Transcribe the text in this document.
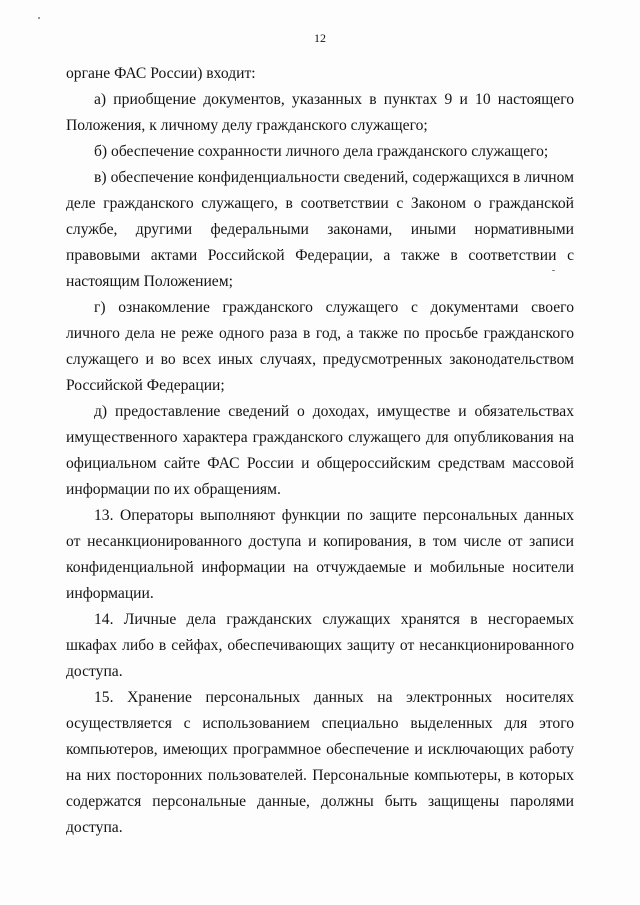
12

органе ФАС России) входит:

а) приобщение документов, указанных в пунктах 9 и 10 настоящего Положения, к личному делу гражданского служащего;

б) обеспечение сохранности личного дела гражданского служащего;

в) обеспечение конфиденциальности сведений, содержащихся в личном деле гражданского служащего, в соответствии с Законом о гражданской службе, другими федеральными законами, иными нормативными правовыми актами Российской Федерации, а также в соответствии с настоящим Положением;

г) ознакомление гражданского служащего с документами своего личного дела не реже одного раза в год, а также по просьбе гражданского служащего и во всех иных случаях, предусмотренных законодательством Российской Федерации;

д) предоставление сведений о доходах, имуществе и обязательствах имущественного характера гражданского служащего для опубликования на официальном сайте ФАС России и общероссийским средствам массовой информации по их обращениям.

13. Операторы выполняют функции по защите персональных данных от несанкционированного доступа и копирования, в том числе от записи конфиденциальной информации на отчуждаемые и мобильные носители информации.

14. Личные дела гражданских служащих хранятся в несгораемых шкафах либо в сейфах, обеспечивающих защиту от несанкционированного доступа.

15. Хранение персональных данных на электронных носителях осуществляется с использованием специально выделенных для этого компьютеров, имеющих программное обеспечение и исключающих работу на них посторонних пользователей. Персональные компьютеры, в которых содержатся персональные данные, должны быть защищены паролями доступа.
